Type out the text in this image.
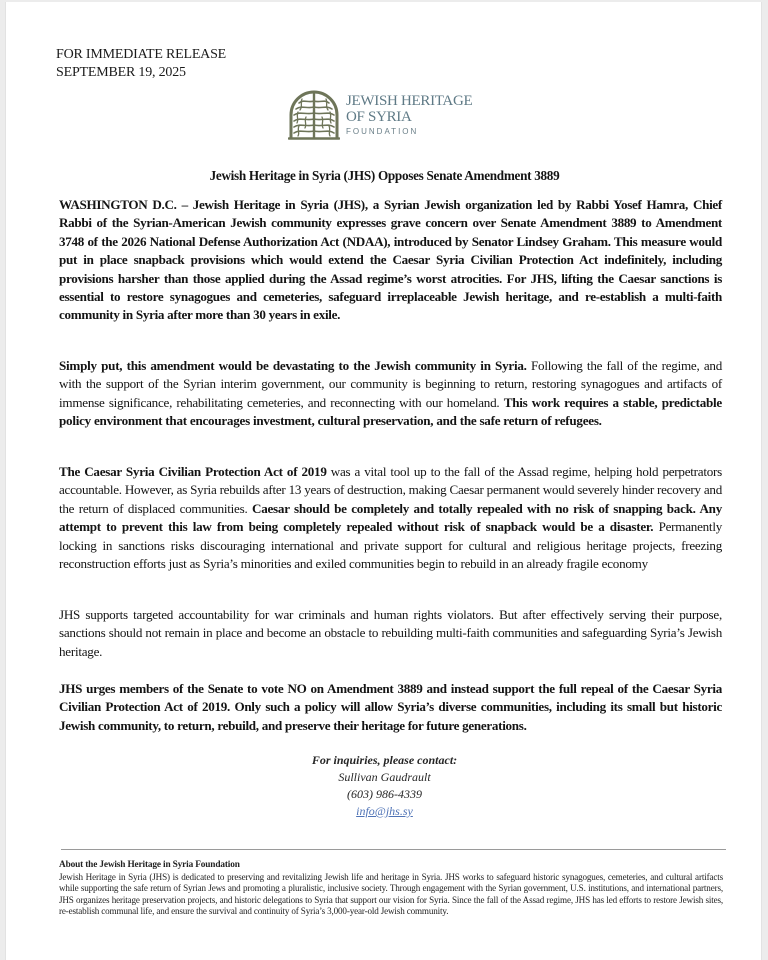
FOR IMMEDIATE RELEASE
SEPTEMBER 19, 2025
JEWISH HERITAGE
OF SYRIA
FOUNDATION
Jewish Heritage in Syria (JHS) Opposes Senate Amendment 3889

WASHINGTON D.C. – Jewish Heritage in Syria (JHS), a Syrian Jewish organization led by Rabbi Yosef Hamra, Chief Rabbi of the Syrian-American Jewish community expresses grave concern over Senate Amendment 3889 to Amendment 3748 of the 2026 National Defense Authorization Act (NDAA), introduced by Senator Lindsey Graham. This measure would put in place snapback provisions which would extend the Caesar Syria Civilian Protection Act indefinitely, including provisions harsher than those applied during the Assad regime’s worst atrocities. For JHS, lifting the Caesar sanctions is essential to restore synagogues and cemeteries, safeguard irreplaceable Jewish heritage, and re-establish a multi-faith community in Syria after more than 30 years in exile.

Simply put, this amendment would be devastating to the Jewish community in Syria. Following the fall of the regime, and with the support of the Syrian interim government, our community is beginning to return, restoring synagogues and artifacts of immense significance, rehabilitating cemeteries, and reconnecting with our homeland. This work requires a stable, predictable policy environment that encourages investment, cultural preservation, and the safe return of refugees.

The Caesar Syria Civilian Protection Act of 2019 was a vital tool up to the fall of the Assad regime, helping hold perpetrators accountable. However, as Syria rebuilds after 13 years of destruction, making Caesar permanent would severely hinder recovery and the return of displaced communities. Caesar should be completely and totally repealed with no risk of snapping back. Any attempt to prevent this law from being completely repealed without risk of snapback would be a disaster. Permanently locking in sanctions risks discouraging international and private support for cultural and religious heritage projects, freezing reconstruction efforts just as Syria’s minorities and exiled communities begin to rebuild in an already fragile economy

JHS supports targeted accountability for war criminals and human rights violators. But after effectively serving their purpose, sanctions should not remain in place and become an obstacle to rebuilding multi-faith communities and safeguarding Syria’s Jewish heritage.

JHS urges members of the Senate to vote NO on Amendment 3889 and instead support the full repeal of the Caesar Syria Civilian Protection Act of 2019. Only such a policy will allow Syria’s diverse communities, including its small but historic Jewish community, to return, rebuild, and preserve their heritage for future generations.

For inquiries, please contact:
Sullivan Gaudrault
(603) 986-4339
info@jhs.sy
About the Jewish Heritage in Syria Foundation
Jewish Heritage in Syria (JHS) is dedicated to preserving and revitalizing Jewish life and heritage in Syria. JHS works to safeguard historic synagogues, cemeteries, and cultural artifacts while supporting the safe return of Syrian Jews and promoting a pluralistic, inclusive society. Through engagement with the Syrian government, U.S. institutions, and international partners, JHS organizes heritage preservation projects, and historic delegations to Syria that support our vision for Syria. Since the fall of the Assad regime, JHS has led efforts to restore Jewish sites, re-establish communal life, and ensure the survival and continuity of Syria’s 3,000-year-old Jewish community.
